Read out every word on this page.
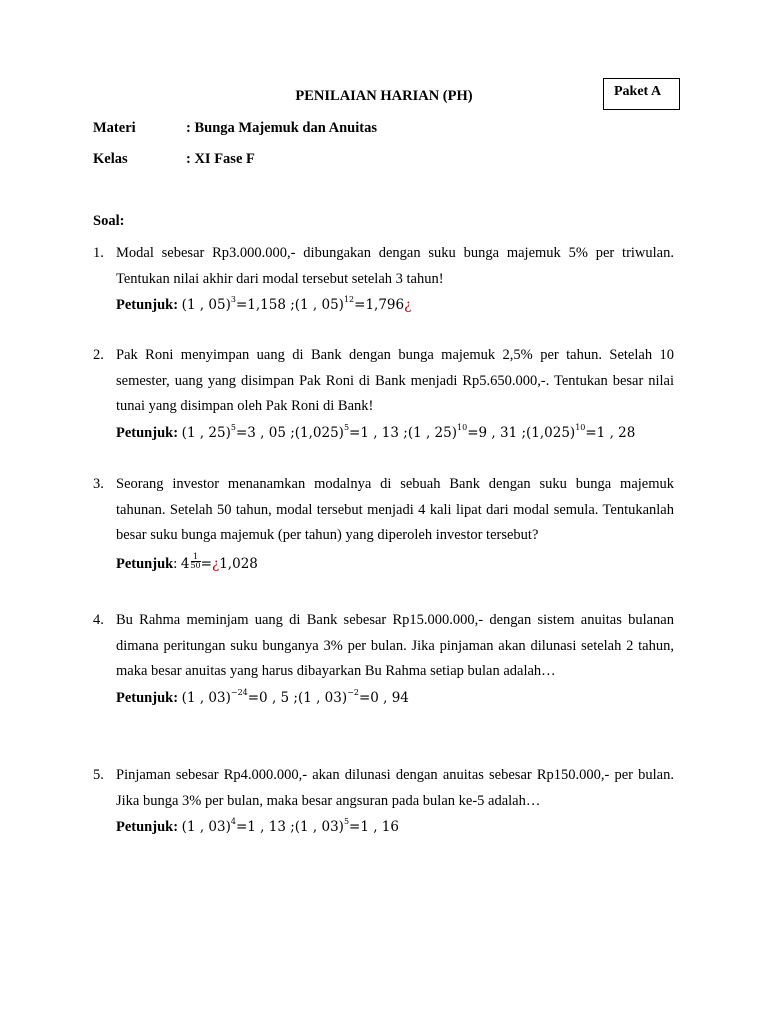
Paket A
PENILAIAN HARIAN (PH)
Materi	: Bunga Majemuk dan Anuitas
Kelas	: XI Fase F
Soal:
1. Modal sebesar Rp3.000.000,- dibungakan dengan suku bunga majemuk 5% per triwulan. Tentukan nilai akhir dari modal tersebut setelah 3 tahun!
Petunjuk: (1 , 05)$^3$=1,158 ;(1 , 05)$^{12}$=1,796¿
2. Pak Roni menyimpan uang di Bank dengan bunga majemuk 2,5% per tahun. Setelah 10 semester, uang yang disimpan Pak Roni di Bank menjadi Rp5.650.000,-. Tentukan besar nilai tunai yang disimpan oleh Pak Roni di Bank!
Petunjuk: (1 , 25)$^5$=3 , 05 $;(1,025)^5=1$ , 13 ;(1 , 25)$^{10}$=9 , 31 $;(1,025)^{10}=1$ , 28
3. Seorang investor menanamkan modalnya di sebuah Bank dengan suku bunga majemuk tahunan. Setelah 50 tahun, modal tersebut menjadi 4 kali lipat dari modal semula. Tentukanlah besar suku bunga majemuk (per tahun) yang diperoleh investor tersebut?
Petunjuk: $4 \frac{1}{50}$ =¿1,028
4. Bu Rahma meminjam uang di Bank sebesar Rp15.000.000,- dengan sistem anuitas bulanan dimana peritungan suku bunganya 3% per bulan. Jika pinjaman akan dilunasi setelah 2 tahun, maka besar anuitas yang harus dibayarkan Bu Rahma setiap bulan adalah…
Petunjuk: (1 , 03)$^{-24}$=0 , 5 ;(1 , 03)$^{-2}$=0 , 94
5. Pinjaman sebesar Rp4.000.000,- akan dilunasi dengan anuitas sebesar Rp150.000,- per bulan. Jika bunga 3% per bulan, maka besar angsuran pada bulan ke-5 adalah…
Petunjuk: (1 , 03)$^4$=1 , 13 ;(1 , 03)$^5$=1 , 16
